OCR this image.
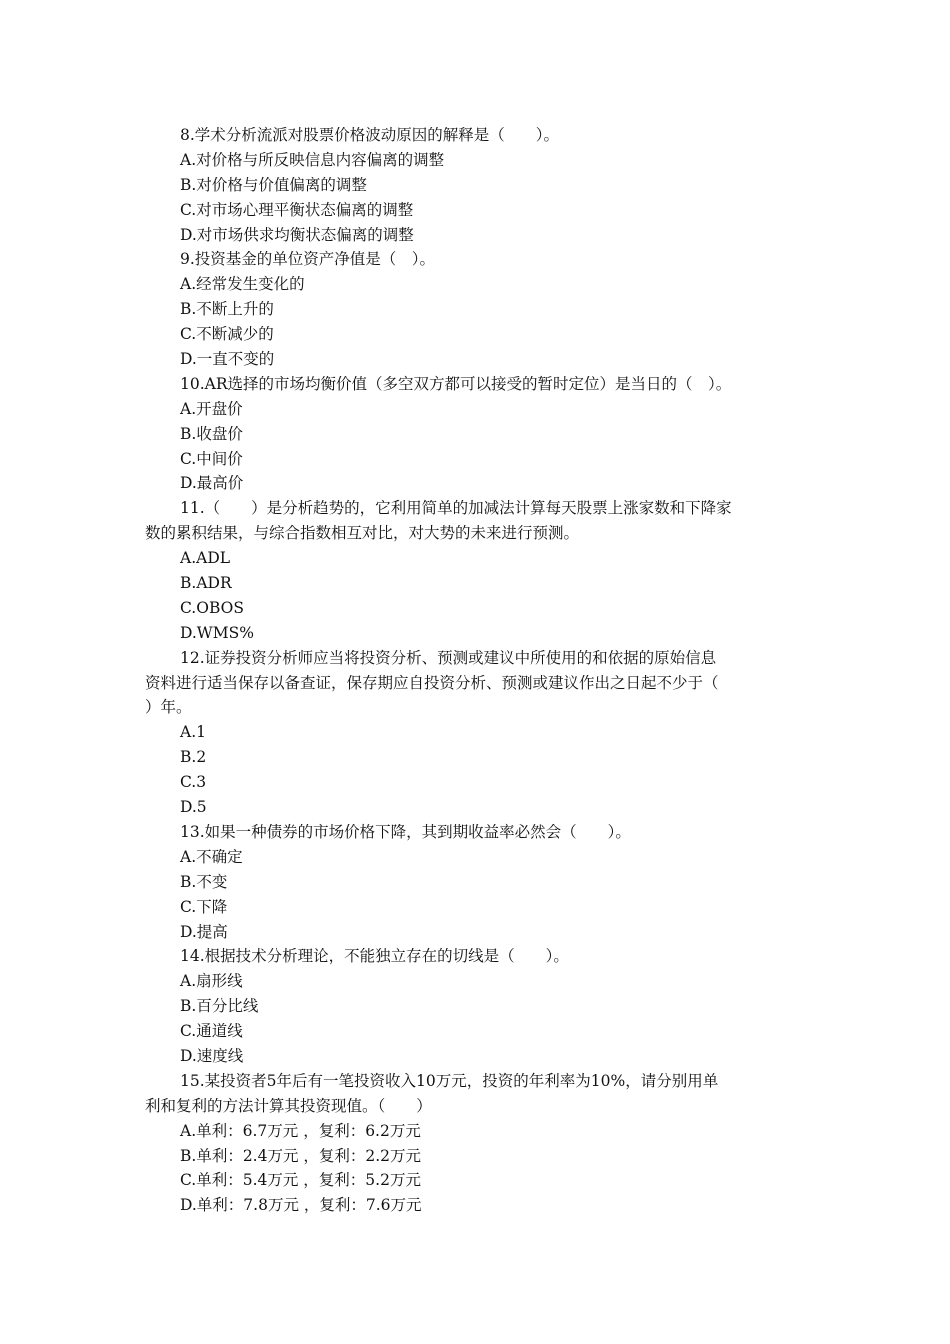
8.学术分析流派对股票价格波动原因的解释是（　　）。
A.对价格与所反映信息内容偏离的调整
B.对价格与价值偏离的调整
C.对市场心理平衡状态偏离的调整
D.对市场供求均衡状态偏离的调整
9.投资基金的单位资产净值是（　）。
A.经常发生变化的
B.不断上升的
C.不断减少的
D.一直不变的
10.AR选择的市场均衡价值（多空双方都可以接受的暂时定位）是当日的（　）。
A.开盘价
B.收盘价
C.中间价
D.最高价
11.（　　）是分析趋势的，它利用简单的加减法计算每天股票上涨家数和下降家
数的累积结果，与综合指数相互对比，对大势的未来进行预测。
A.ADL
B.ADR
C.OBOS
D.WMS%
12.证券投资分析师应当将投资分析、预测或建议中所使用的和依据的原始信息
资料进行适当保存以备查证，保存期应自投资分析、预测或建议作出之日起不少于（
）年。
A.1
B.2
C.3
D.5
13.如果一种债券的市场价格下降，其到期收益率必然会（　　）。
A.不确定
B.不变
C.下降
D.提高
14.根据技术分析理论，不能独立存在的切线是（　　）。
A.扇形线
B.百分比线
C.通道线
D.速度线
15.某投资者5年后有一笔投资收入10万元，投资的年利率为10%，请分别用单
利和复利的方法计算其投资现值。（　　）
A.单利：6.7万元 ，复利：6.2万元
B.单利：2.4万元 ，复利：2.2万元
C.单利：5.4万元 ，复利：5.2万元
D.单利：7.8万元 ，复利：7.6万元
